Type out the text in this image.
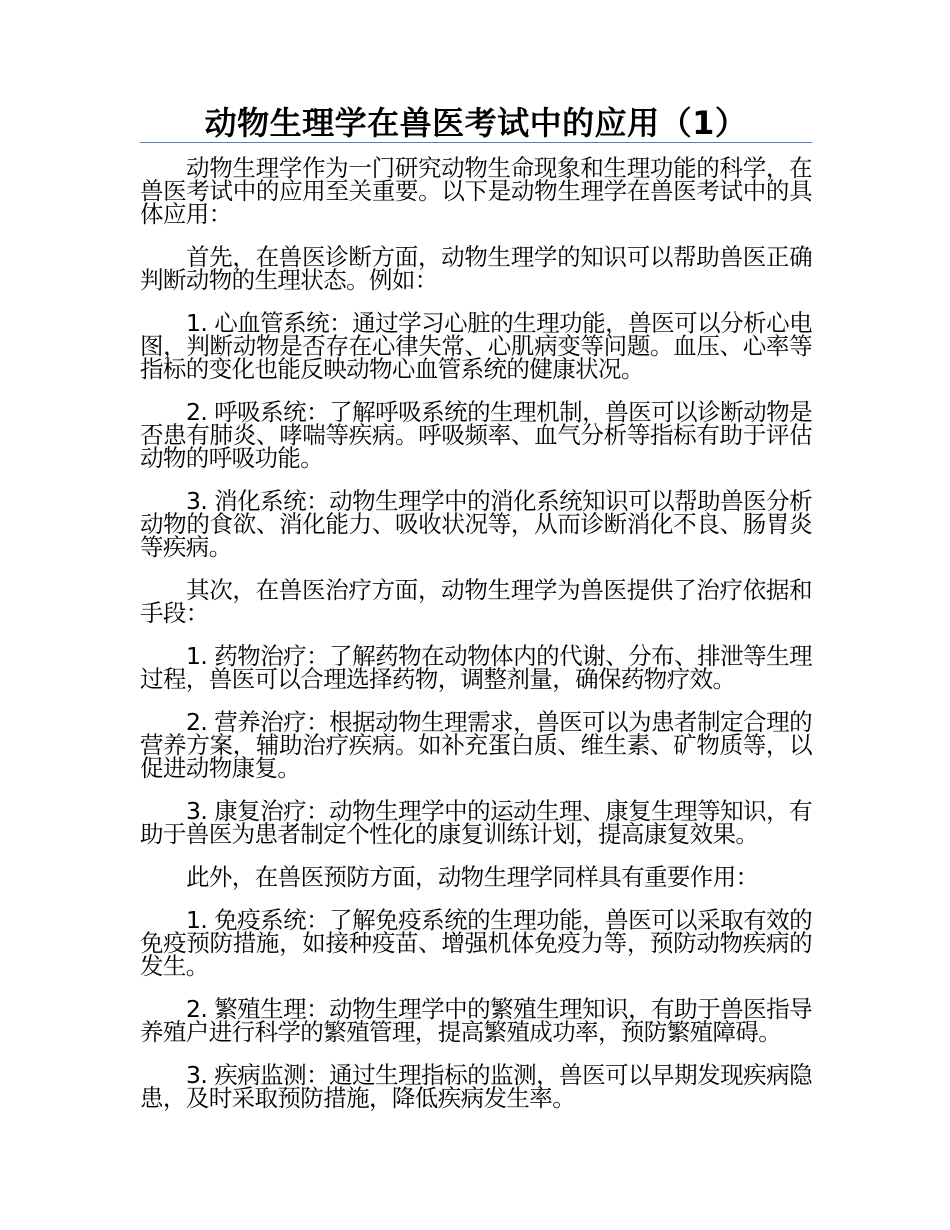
动物生理学在兽医考试中的应用（1）

动物生理学作为一门研究动物生命现象和生理功能的科学，在兽医考试中的应用至关重要。以下是动物生理学在兽医考试中的具体应用：

首先，在兽医诊断方面，动物生理学的知识可以帮助兽医正确判断动物的生理状态。例如：

1. 心血管系统：通过学习心脏的生理功能，兽医可以分析心电图，判断动物是否存在心律失常、心肌病变等问题。血压、心率等指标的变化也能反映动物心血管系统的健康状况。

2. 呼吸系统：了解呼吸系统的生理机制，兽医可以诊断动物是否患有肺炎、哮喘等疾病。呼吸频率、血气分析等指标有助于评估动物的呼吸功能。

3. 消化系统：动物生理学中的消化系统知识可以帮助兽医分析动物的食欲、消化能力、吸收状况等，从而诊断消化不良、肠胃炎等疾病。

其次，在兽医治疗方面，动物生理学为兽医提供了治疗依据和手段：

1. 药物治疗：了解药物在动物体内的代谢、分布、排泄等生理过程，兽医可以合理选择药物，调整剂量，确保药物疗效。

2. 营养治疗：根据动物生理需求，兽医可以为患者制定合理的营养方案，辅助治疗疾病。如补充蛋白质、维生素、矿物质等，以促进动物康复。

3. 康复治疗：动物生理学中的运动生理、康复生理等知识，有助于兽医为患者制定个性化的康复训练计划，提高康复效果。

此外，在兽医预防方面，动物生理学同样具有重要作用：

1. 免疫系统：了解免疫系统的生理功能，兽医可以采取有效的免疫预防措施，如接种疫苗、增强机体免疫力等，预防动物疾病的发生。

2. 繁殖生理：动物生理学中的繁殖生理知识，有助于兽医指导养殖户进行科学的繁殖管理，提高繁殖成功率，预防繁殖障碍。

3. 疾病监测：通过生理指标的监测，兽医可以早期发现疾病隐患，及时采取预防措施，降低疾病发生率。
